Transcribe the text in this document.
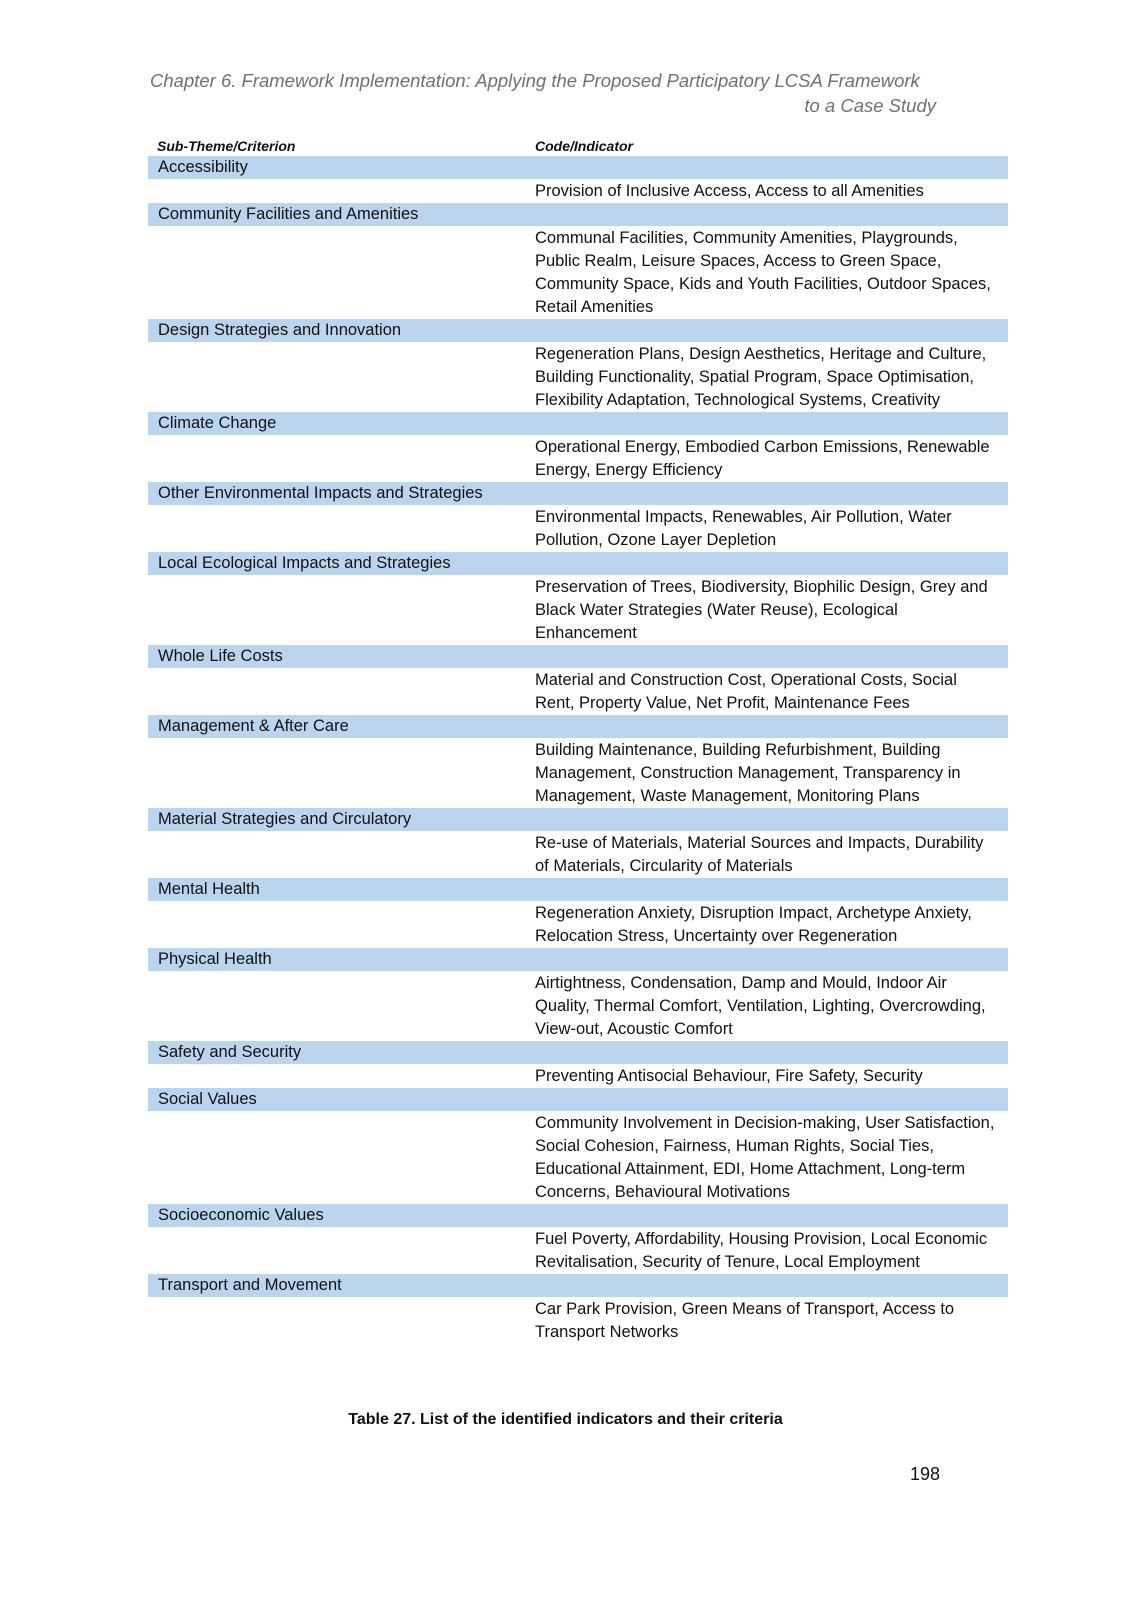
Chapter 6. Framework Implementation: Applying the Proposed Participatory LCSA Framework
to a Case Study
Sub-Theme/Criterion	Code/Indicator
Accessibility
Provision of Inclusive Access, Access to all Amenities
Community Facilities and Amenities
Communal Facilities, Community Amenities, Playgrounds, Public Realm, Leisure Spaces, Access to Green Space, Community Space, Kids and Youth Facilities, Outdoor Spaces, Retail Amenities
Design Strategies and Innovation
Regeneration Plans, Design Aesthetics, Heritage and Culture, Building Functionality, Spatial Program, Space Optimisation, Flexibility Adaptation, Technological Systems, Creativity
Climate Change
Operational Energy, Embodied Carbon Emissions, Renewable Energy, Energy Efficiency
Other Environmental Impacts and Strategies
Environmental Impacts, Renewables, Air Pollution, Water Pollution, Ozone Layer Depletion
Local Ecological Impacts and Strategies
Preservation of Trees, Biodiversity, Biophilic Design, Grey and Black Water Strategies (Water Reuse), Ecological Enhancement
Whole Life Costs
Material and Construction Cost, Operational Costs, Social Rent, Property Value, Net Profit, Maintenance Fees
Management & After Care
Building Maintenance, Building Refurbishment, Building Management, Construction Management, Transparency in Management, Waste Management, Monitoring Plans
Material Strategies and Circulatory
Re-use of Materials, Material Sources and Impacts, Durability of Materials, Circularity of Materials
Mental Health
Regeneration Anxiety, Disruption Impact, Archetype Anxiety, Relocation Stress, Uncertainty over Regeneration
Physical Health
Airtightness, Condensation, Damp and Mould, Indoor Air Quality, Thermal Comfort, Ventilation, Lighting, Overcrowding, View-out, Acoustic Comfort
Safety and Security
Preventing Antisocial Behaviour, Fire Safety, Security
Social Values
Community Involvement in Decision-making, User Satisfaction, Social Cohesion, Fairness, Human Rights, Social Ties, Educational Attainment, EDI, Home Attachment, Long-term Concerns, Behavioural Motivations
Socioeconomic Values
Fuel Poverty, Affordability, Housing Provision, Local Economic Revitalisation, Security of Tenure, Local Employment
Transport and Movement
Car Park Provision, Green Means of Transport, Access to Transport Networks
Table 27. List of the identified indicators and their criteria
198
